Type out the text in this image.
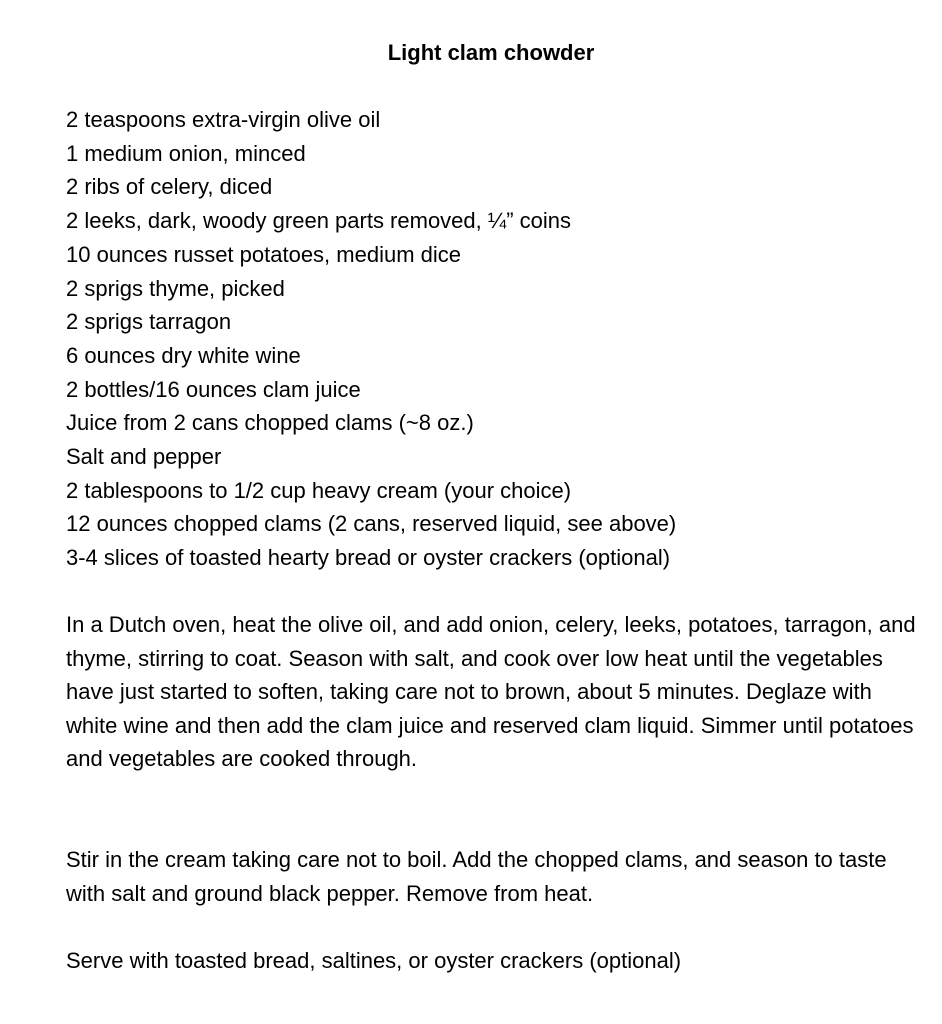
Light clam chowder
2 teaspoons extra-virgin olive oil
1 medium onion, minced
2 ribs of celery, diced
2 leeks, dark, woody green parts removed, ¼” coins
10 ounces russet potatoes, medium dice
2 sprigs thyme, picked
2 sprigs tarragon
6 ounces dry white wine
2 bottles/16 ounces clam juice
Juice from 2 cans chopped clams (~8 oz.)
Salt and pepper
2 tablespoons to 1/2 cup heavy cream (your choice)
12 ounces chopped clams (2 cans, reserved liquid, see above)
3-4 slices of toasted hearty bread or oyster crackers (optional)

In a Dutch oven, heat the olive oil, and add onion, celery, leeks, potatoes, tarragon, and thyme, stirring to coat. Season with salt, and cook over low heat until the vegetables have just started to soften, taking care not to brown, about 5 minutes. Deglaze with white wine and then add the clam juice and reserved clam liquid. Simmer until potatoes and vegetables are cooked through.

Stir in the cream taking care not to boil. Add the chopped clams, and season to taste with salt and ground black pepper. Remove from heat.

Serve with toasted bread, saltines, or oyster crackers (optional)
